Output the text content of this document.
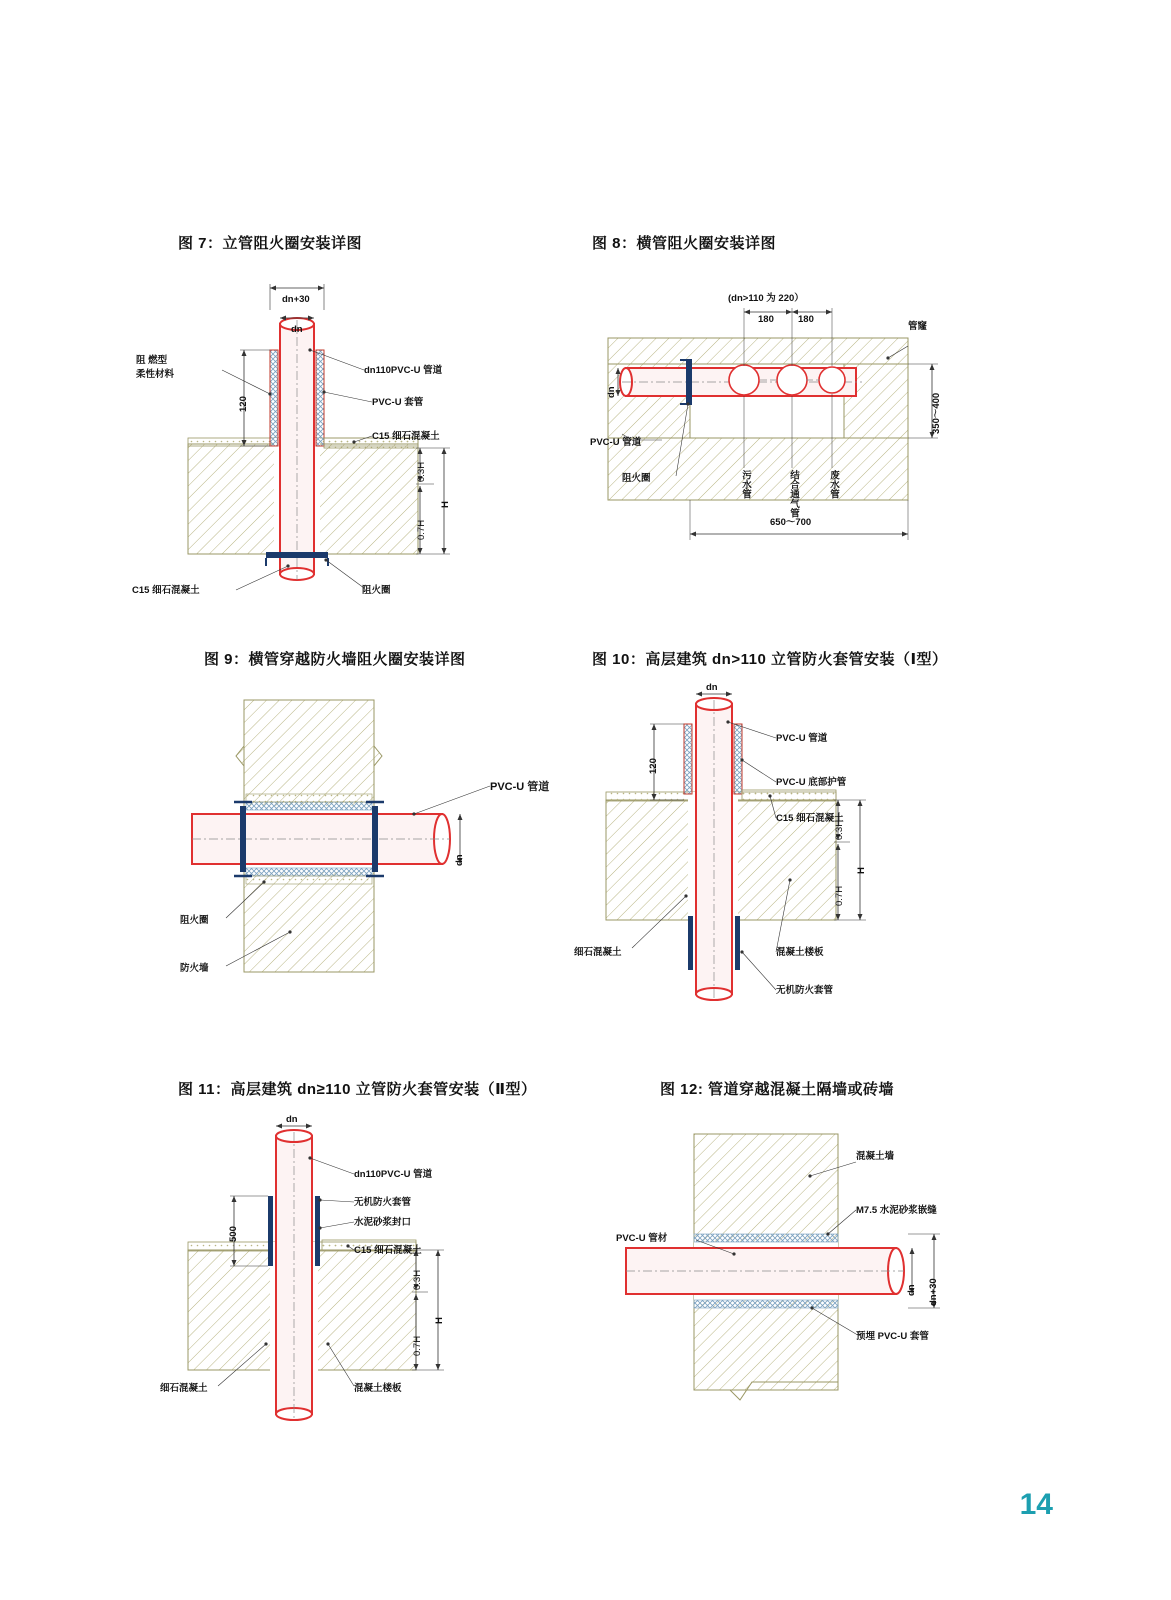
图 7：立管阻火圈安装详图
dn+30
dn
阻 燃型
柔性材料	dn110PVC-U 管道
PVC-U 套管
C15 细石混凝土
120
0.3H
0.7H
H
C15 细石混凝土	阻火圈
图 8：横管阻火圈安装详图
(dn>110 为 220）
180	180
管窿
350～400
dn
PVC-U 管道
阻火圈	污水管	结合通气管	废水管
650～700
图 9：横管穿越防火墙阻火圈安装详图
PVC-U 管道
dn
阻火圈
防火墙
图 10：高层建筑 dn>110 立管防火套管安装（Ⅰ型）
dn
PVC-U 管道
PVC-U 底部护管
C15 细石混凝土
120
0.3H
0.7H
H
细石混凝土	混凝土楼板
无机防火套管
图 11：高层建筑 dn≥110 立管防火套管安装（Ⅱ型）
dn
dn110PVC-U 管道
无机防火套管
水泥砂浆封口
C15 细石混凝土
500
0.3H
0.7H
H
细石混凝土	混凝土楼板
图 12: 管道穿越混凝土隔墙或砖墙
混凝土墙
M7.5 水泥砂浆嵌缝
PVC-U 管材
dn dn+30
预埋 PVC-U 套管
14
